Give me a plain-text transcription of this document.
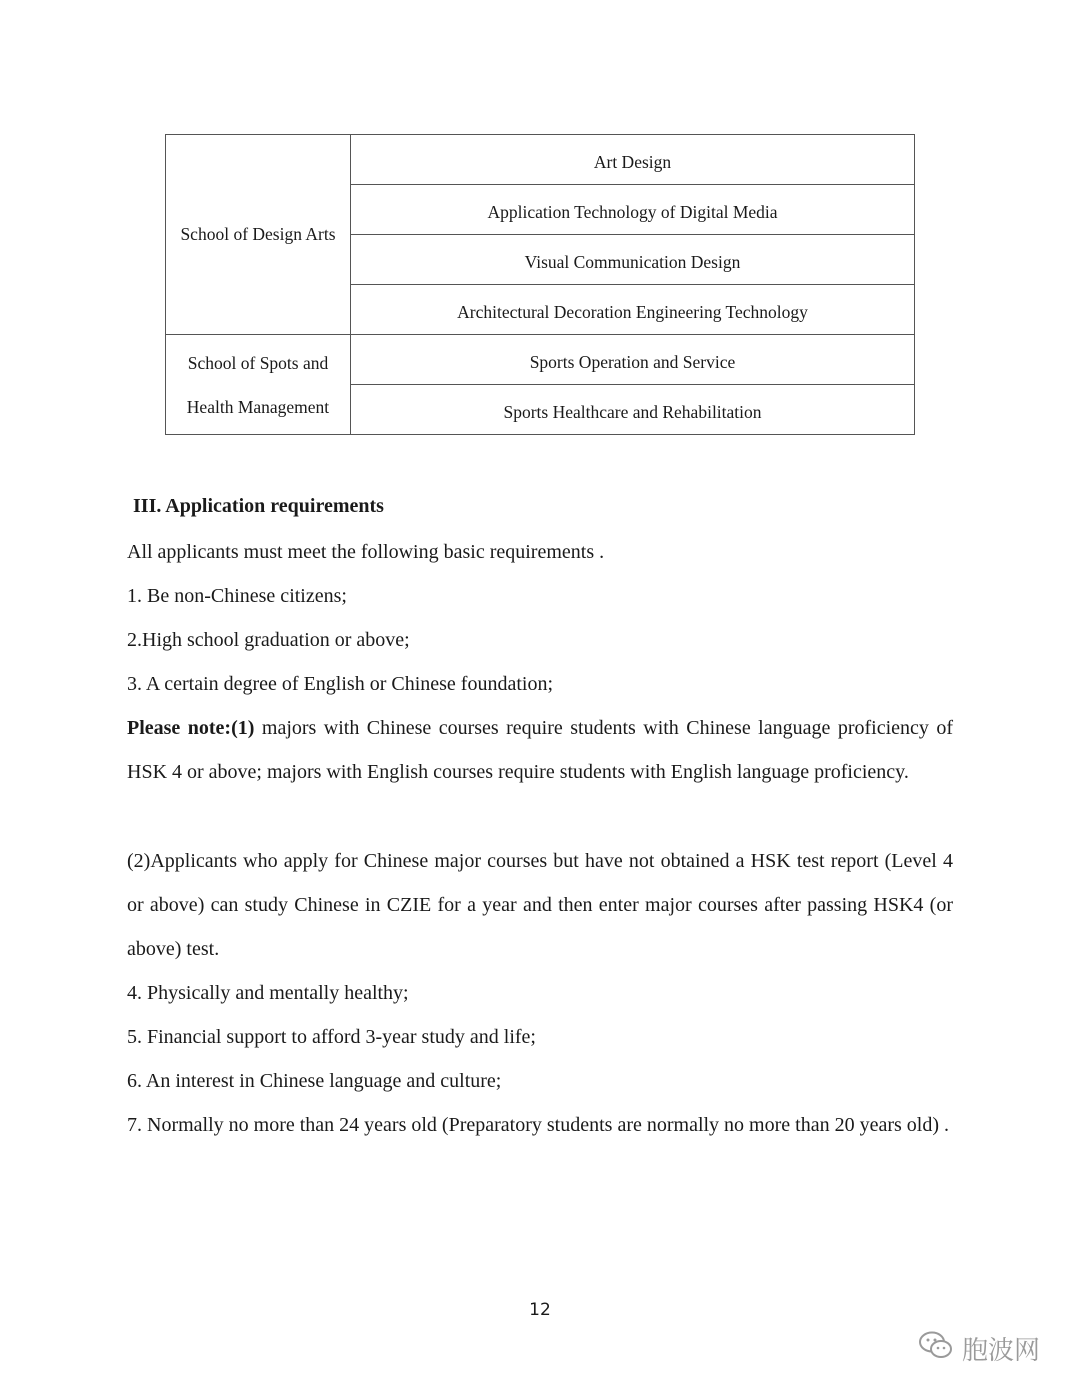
School of Design Arts	Art Design
	Application Technology of Digital Media
	Visual Communication Design
	Architectural Decoration Engineering Technology

School of Spots and
Health Management	Sports Operation and Service
	Sports Healthcare and Rehabilitation
III. Application requirements

All applicants must meet the following basic requirements .

1. Be non-Chinese citizens;

2.High school graduation or above;

3. A certain degree of English or Chinese foundation;

Please note:(1) majors with Chinese courses require students with Chinese language proficiency of HSK 4 or above; majors with English courses require students with English language proficiency.

(2)Applicants who apply for Chinese major courses but have not obtained a HSK test report (Level 4 or above) can study Chinese in CZIE for a year and then enter major courses after passing HSK4 (or above) test.

4. Physically and mentally healthy;

5. Financial support to afford 3-year study and life;

6. An interest in Chinese language and culture;

7. Normally no more than 24 years old (Preparatory students are normally no more than 20 years old) .

12
胞波网
